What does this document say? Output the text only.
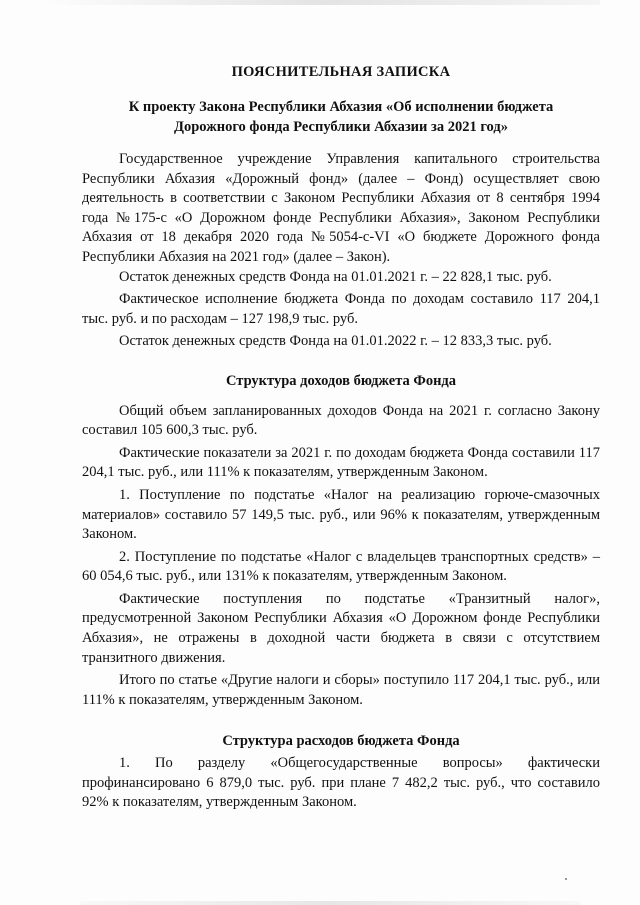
ПОЯСНИТЕЛЬНАЯ ЗАПИСКА
К проекту Закона Республики Абхазия «Об исполнении бюджета
Дорожного фонда Республики Абхазии за 2021 год»

Государственное учреждение Управления капитального строительства Республики Абхазия «Дорожный фонд» (далее – Фонд) осуществляет свою деятельность в соответствии с Законом Республики Абхазия от 8 сентября 1994 года №175-с «О Дорожном фонде Республики Абхазия», Законом Республики Абхазия от 18 декабря 2020 года №5054-с-VI «О бюджете Дорожного фонда Республики Абхазия на 2021 год» (далее – Закон).

Остаток денежных средств Фонда на 01.01.2021 г. – 22 828,1 тыс. руб.

Фактическое исполнение бюджета Фонда по доходам составило 117 204,1 тыс. руб. и по расходам – 127 198,9 тыс. руб.

Остаток денежных средств Фонда на 01.01.2022 г. – 12 833,3 тыс. руб.

Структура доходов бюджета Фонда

Общий объем запланированных доходов Фонда на 2021 г. согласно Закону составил 105 600,3 тыс. руб.

Фактические показатели за 2021 г. по доходам бюджета Фонда составили 117 204,1 тыс. руб., или 111% к показателям, утвержденным Законом.

1. Поступление по подстатье «Налог на реализацию горюче-смазочных материалов» составило 57 149,5 тыс. руб., или 96% к показателям, утвержденным Законом.

2. Поступление по подстатье «Налог с владельцев транспортных средств» – 60 054,6 тыс. руб., или 131% к показателям, утвержденным Законом.

Фактические поступления по подстатье «Транзитный налог», предусмотренной Законом Республики Абхазия «О Дорожном фонде Республики Абхазия», не отражены в доходной части бюджета в связи с отсутствием транзитного движения.

Итого по статье «Другие налоги и сборы» поступило 117 204,1 тыс. руб., или 111% к показателям, утвержденным Законом.

Структура расходов бюджета Фонда

1. По разделу «Общегосударственные вопросы» фактически профинансировано 6 879,0 тыс. руб. при плане 7 482,2 тыс. руб., что составило 92% к показателям, утвержденным Законом.
